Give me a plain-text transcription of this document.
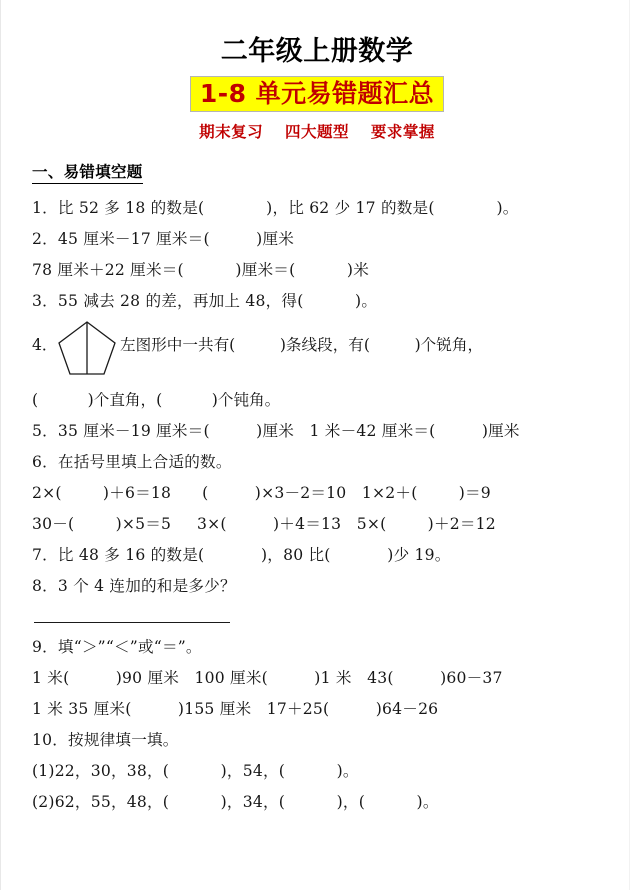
二年级上册数学
1-8 单元易错题汇总
期末复习 四大题型 要求掌握
一、易错填空题
1．比 52 多 18 的数是(            )，比 62 少 17 的数是(            )。
2．45 厘米－17 厘米＝(         )厘米
78 厘米＋22 厘米＝(          )厘米＝(          )米
3．55 减去 28 的差，再加上 48，得(          )。
4．	左图形中一共有(         )条线段，有(         )个锐角，
(          )个直角，(          )个钝角。
5．35 厘米－19 厘米＝(         )厘米   1 米－42 厘米＝(         )厘米
6．在括号里填上合适的数。
2×(        )＋6＝18      (         )×3－2＝10   1×2＋(        )＝9
30－(        )×5＝5     3×(         )＋4＝13   5×(        )＋2＝12
7．比 48 多 16 的数是(           )，80 比(           )少 19。
8．3 个 4 连加的和是多少？
9．填“＞”“＜”或“＝”。
1 米(         )90 厘米   100 厘米(         )1 米   43(         )60－37
1 米 35 厘米(         )155 厘米   17＋25(         )64－26
10．按规律填一填。
(1)22，30，38，(          )，54，(          )。
(2)62，55，48，(          )，34，(          )，(          )。
